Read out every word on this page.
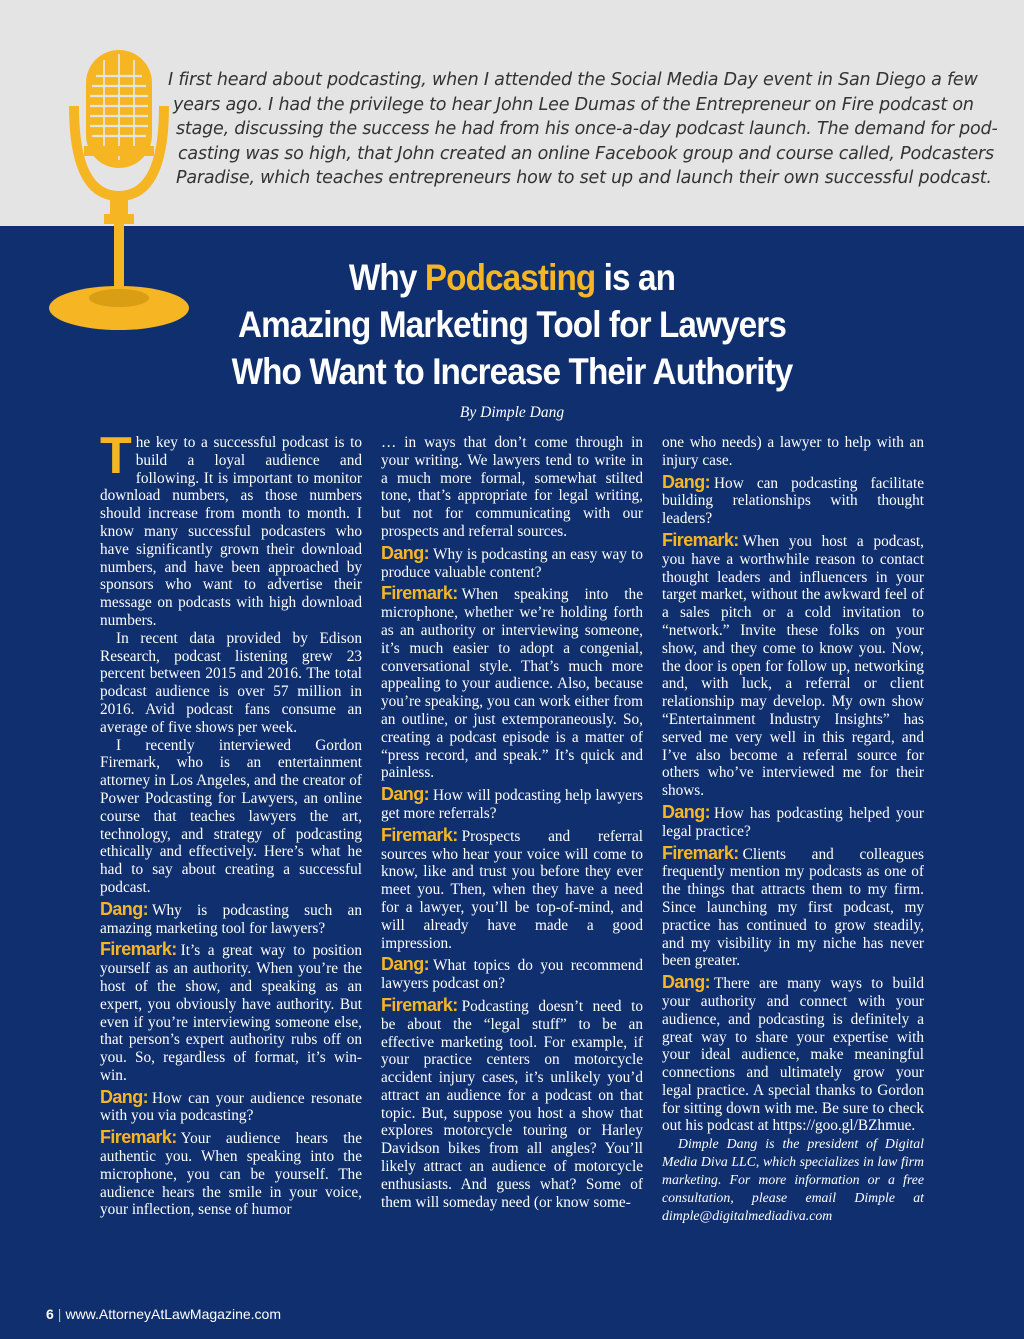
I first heard about podcasting, when I attended the Social Media Day event in San Diego a few
years ago. I had the privilege to hear John Lee Dumas of the Entrepreneur on Fire podcast on
stage, discussing the success he had from his once-a-day podcast launch. The demand for pod-
casting was so high, that John created an online Facebook group and course called, Podcasters
Paradise, which teaches entrepreneurs how to set up and launch their own successful podcast.
Why Podcasting is an
Amazing Marketing Tool for Lawyers
Who Want to Increase Their Authority
By Dimple Dang

The key to a successful podcast is to build a loyal audience and following. It is important to monitor download numbers, as those numbers should increase from month to month. I know many successful podcasters who have significantly grown their download numbers, and have been approached by sponsors who want to advertise their message on podcasts with high download numbers.

In recent data provided by Edison Research, podcast listening grew 23 percent between 2015 and 2016. The total podcast audience is over 57 million in 2016. Avid podcast fans consume an average of five shows per week.

I recently interviewed Gordon Firemark, who is an entertainment attorney in Los Angeles, and the creator of Power Podcasting for Lawyers, an online course that teaches lawyers the art, technology, and strategy of podcasting ethically and effectively. Here’s what he had to say about creating a successful podcast.

Dang: Why is podcasting such an amazing marketing tool for lawyers?

Firemark: It’s a great way to position yourself as an authority. When you’re the host of the show, and speaking as an expert, you obviously have authority. But even if you’re interviewing someone else, that person’s expert authority rubs off on you. So, regardless of format, it’s win-win.

Dang: How can your audience resonate with you via podcasting?

Firemark: Your audience hears the authentic you. When speaking into the microphone, you can be yourself. The audience hears the smile in your voice, your inflection, sense of humor

… in ways that don’t come through in your writing. We lawyers tend to write in a much more formal, somewhat stilted tone, that’s appropriate for legal writing, but not for communicating with our prospects and referral sources.

Dang: Why is podcasting an easy way to produce valuable content?

Firemark: When speaking into the microphone, whether we’re holding forth as an authority or interviewing someone, it’s much easier to adopt a congenial, conversational style. That’s much more appealing to your audience. Also, because you’re speaking, you can work either from an outline, or just extemporaneously. So, creating a podcast episode is a matter of “press record, and speak.” It’s quick and painless.

Dang: How will podcasting help lawyers get more referrals?

Firemark: Prospects and referral sources who hear your voice will come to know, like and trust you before they ever meet you. Then, when they have a need for a lawyer, you’ll be top-of-mind, and will already have made a good impression.

Dang: What topics do you recommend lawyers podcast on?

Firemark: Podcasting doesn’t need to be about the “legal stuff” to be an effective marketing tool. For example, if your practice centers on motorcycle accident injury cases, it’s unlikely you’d attract an audience for a podcast on that topic. But, suppose you host a show that explores motorcycle touring or Harley Davidson bikes from all angles? You’ll likely attract an audience of motorcycle enthusiasts. And guess what? Some of them will someday need (or know some-

one who needs) a lawyer to help with an injury case.

Dang: How can podcasting facilitate building relationships with thought leaders?

Firemark: When you host a podcast, you have a worthwhile reason to contact thought leaders and influencers in your target market, without the awkward feel of a sales pitch or a cold invitation to “network.” Invite these folks on your show, and they come to know you. Now, the door is open for follow up, networking and, with luck, a referral or client relationship may develop. My own show “Entertainment Industry Insights” has served me very well in this regard, and I’ve also become a referral source for others who’ve interviewed me for their shows.

Dang: How has podcasting helped your legal practice?

Firemark: Clients and colleagues frequently mention my podcasts as one of the things that attracts them to my firm. Since launching my first podcast, my practice has continued to grow steadily, and my visibility in my niche has never been greater.

Dang: There are many ways to build your authority and connect with your audience, and podcasting is definitely a great way to share your expertise with your ideal audience, make meaningful connections and ultimately grow your legal practice. A special thanks to Gordon for sitting down with me. Be sure to check out his podcast at https://goo.gl/BZhmue.

Dimple Dang is the president of Digital Media Diva LLC, which specializes in law firm marketing. For more information or a free consultation, please email Dimple at dimple@digitalmediadiva.com

6 | www.AttorneyAtLawMagazine.com
